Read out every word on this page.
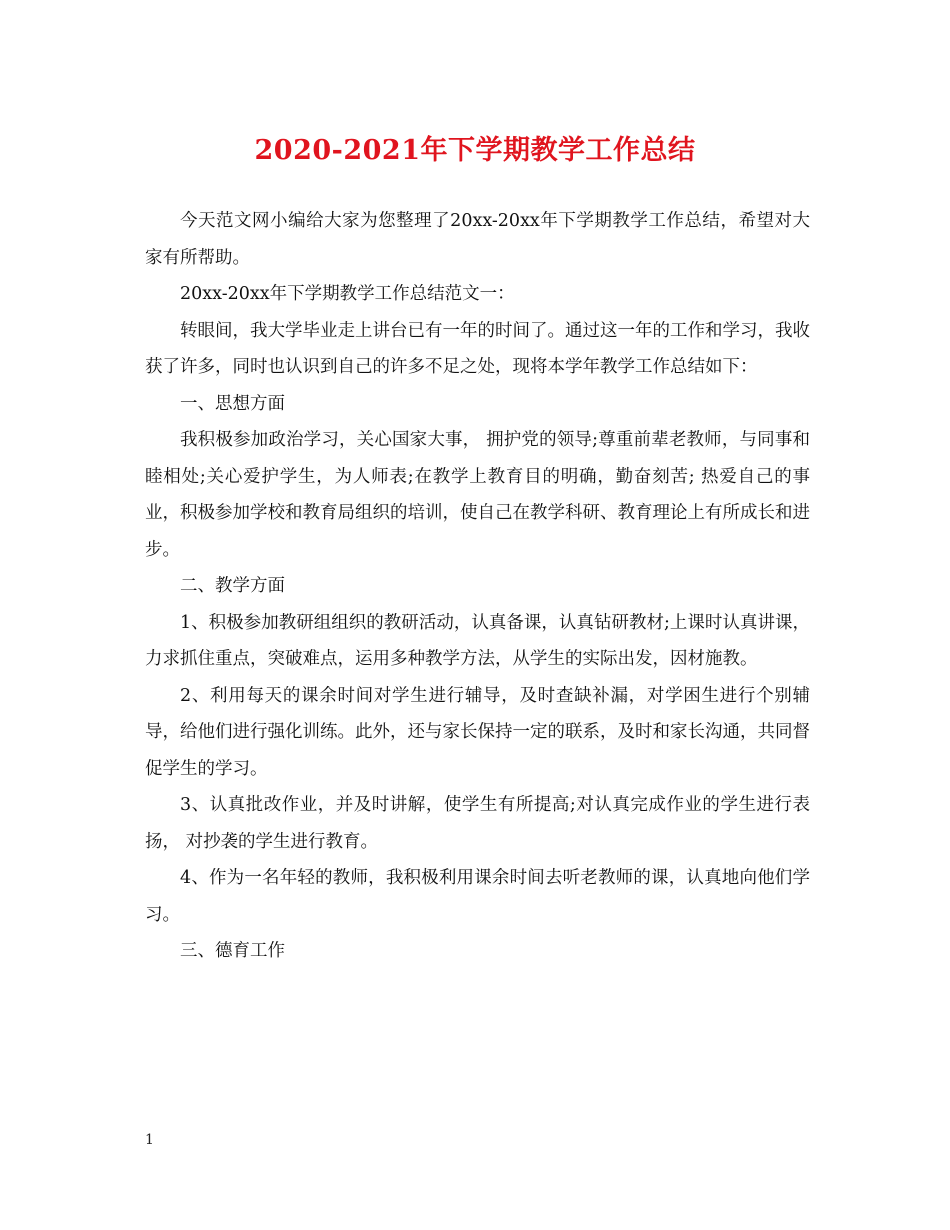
2020-2021年下学期教学工作总结

今天范文网小编给大家为您整理了20xx-20xx年下学期教学工作总结，希望对大家有所帮助。

20xx-20xx年下学期教学工作总结范文一：

转眼间，我大学毕业走上讲台已有一年的时间了。通过这一年的工作和学习，我收获了许多，同时也认识到自己的许多不足之处，现将本学年教学工作总结如下：

一、思想方面

我积极参加政治学习，关心国家大事， 拥护党的领导;尊重前辈老教师，与同事和睦相处;关心爱护学生，为人师表;在教学上教育目的明确，勤奋刻苦; 热爱自己的事业，积极参加学校和教育局组织的培训，使自己在教学科研、教育理论上有所成长和进步。

二、教学方面

1、积极参加教研组组织的教研活动，认真备课，认真钻研教材;上课时认真讲课，力求抓住重点，突破难点，运用多种教学方法，从学生的实际出发，因材施教。

2、利用每天的课余时间对学生进行辅导，及时查缺补漏，对学困生进行个别辅导，给他们进行强化训练。此外，还与家长保持一定的联系，及时和家长沟通，共同督促学生的学习。

3、认真批改作业，并及时讲解，使学生有所提高;对认真完成作业的学生进行表扬， 对抄袭的学生进行教育。

4、作为一名年轻的教师，我积极利用课余时间去听老教师的课，认真地向他们学习。

三、德育工作

1
